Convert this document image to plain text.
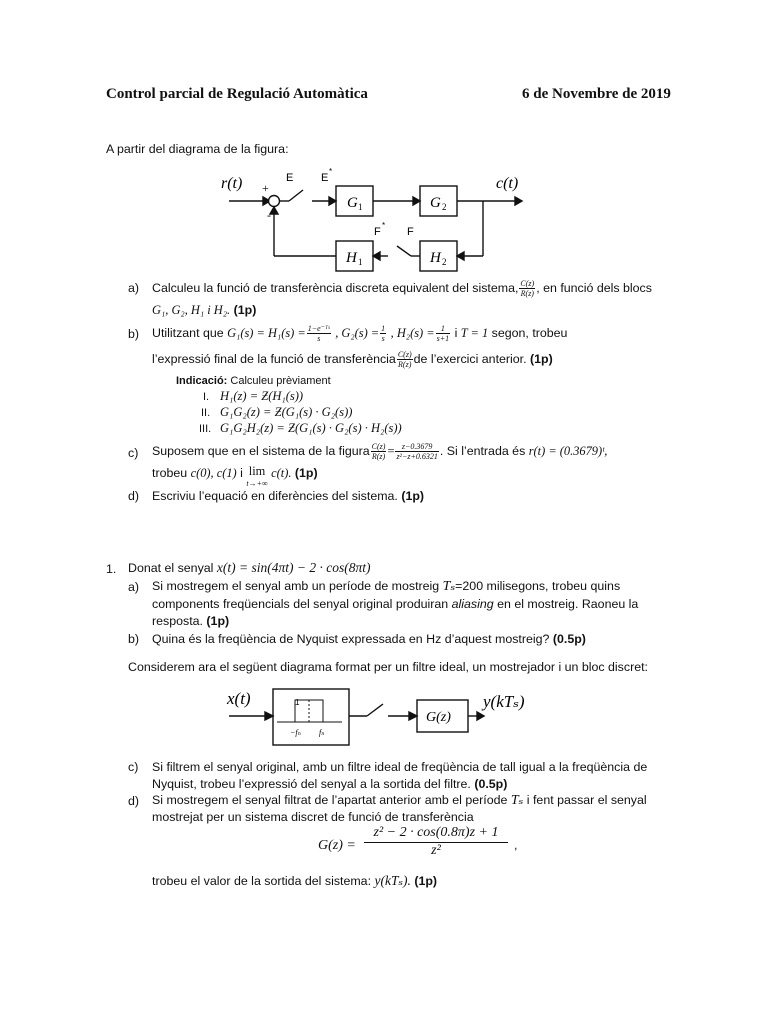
Control parcial de Regulació Automàtica	6 de Novembre de 2019
A partir del diagrama de la figura:
r(t)	c(t)
+
-
E	E
*
F
*
F
G 1	G 2
H 1	H 2
a) Calculeu la funció de transferència discreta equivalent del sistema, $\frac{C(z)}{R(z)}$ , en funció dels blocs
G₁, G₂, H₁ i H₂. (1p)
b) Utilitzant que $G_1(s) = H_1(s) = \frac{\text{1−e⁻ᵀˢ}}{s}$ , $G_2(s) = \frac{1}{s}$ , $H_2(s) = \frac{1}{s+1}$ i T = 1 segon, trobeu
l’expressió final de la funció de transferència $\frac{C(z)}{R(z)}$ de l’exercici anterior. (1p)
Indicació: Calculeu prèviament
I. H₁(z) = Ƶ(H₁(s))
II. G₁G₂(z) = Ƶ(G₁(s) · G₂(s))
III. G₁G₂H₂(z) = Ƶ(G₁(s) · G₂(s) · H₂(s))
c) Suposem que en el sistema de la figura $\frac{C(z)}{R(z)} = \frac{z-0.3679}{\text{z²−z+0.6321}}$ . Si l’entrada és r(t) = (0.3679)ᵗ,
trobeu c(0), c(1) i lim
t→+∞ c(t). (1p)
d) Escriviu l’equació en diferències del sistema. (1p)
1. Donat el senyal x(t) = sin(4πt) − 2 · cos(8πt)
a) Si mostregem el senyal amb un període de mostreig Tₛ=200 milisegons, trobeu quins
components freqüencials del senyal original produiran aliasing en el mostreig. Raoneu la
resposta. (1p)
b) Quina és la freqüència de Nyquist expressada en Hz d’aquest mostreig? (0.5p)
Considerem ara el següent diagrama format per un filtre ideal, un mostrejador i un bloc discret:
x(t)	y(kTₛ)
1
−fₙ fₙ
G(z)
c) Si filtrem el senyal original, amb un filtre ideal de freqüència de tall igual a la freqüència de
Nyquist, trobeu l’expressió del senyal a la sortida del filtre. (0.5p)
d) Si mostregem el senyal filtrat de l’apartat anterior amb el període Tₛ i fent passar el senyal
mostrejat per un sistema discret de funció de transferència
$G(z) = \frac{\text{z² − 2 · cos(0.8π)z + 1}}{\text{z²}}$ ,
trobeu el valor de la sortida del sistema: y(kTₛ). (1p)
